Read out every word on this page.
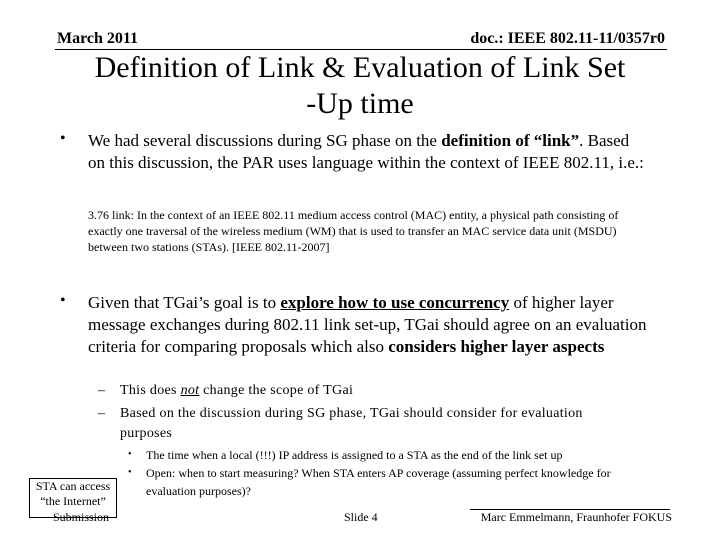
March 2011	doc.: IEEE 802.11-11/0357r0
Definition of Link & Evaluation of Link Set
-Up time
• We had several discussions during SG phase on the definition of “link”. Based on this discussion, the PAR uses language within the context of IEEE 802.11, i.e.:
3.76 link: In the context of an IEEE 802.11 medium access control (MAC) entity, a physical path consisting of exactly one traversal of the wireless medium (WM) that is used to transfer an MAC service data unit (MSDU) between two stations (STAs). [IEEE 802.11-2007]
• Given that TGai’s goal is to explore how to use concurrency of higher layer message exchanges during 802.11 link set-up, TGai should agree on an evaluation criteria for comparing proposals which also considers higher layer aspects
–	This does not change the scope of TGai
–	Based on the discussion during SG phase, TGai should consider for evaluation purposes
•	The time when a local (!!!) IP address is assigned to a STA as the end of the link set up
•	Open: when to start measuring? When STA enters AP coverage (assuming perfect knowledge for evaluation purposes)?
STA can access
“the Internet”
Submission	Slide 4	Marc Emmelmann, Fraunhofer FOKUS
